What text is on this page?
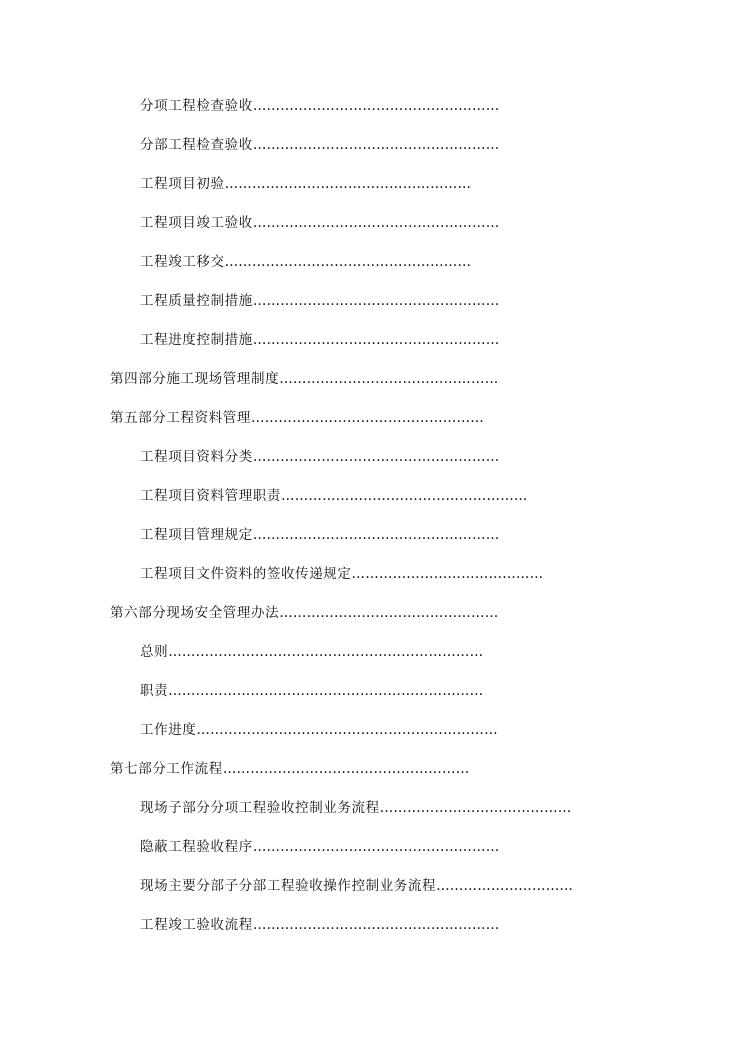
分项工程检查验收………………………………………………
分部工程检查验收………………………………………………
工程项目初验………………………………………………
工程项目竣工验收………………………………………………
工程竣工移交………………………………………………
工程质量控制措施………………………………………………
工程进度控制措施………………………………………………
第四部分施工现场管理制度…………………………………………
第五部分工程资料管理……………………………………………
工程项目资料分类………………………………………………
工程项目资料管理职责………………………………………………
工程项目管理规定………………………………………………
工程项目文件资料的签收传递规定……………………………………
第六部分现场安全管理办法…………………………………………
总则……………………………………………………………
职责……………………………………………………………
工作进度…………………………………………………………
第七部分工作流程………………………………………………
现场子部分分项工程验收控制业务流程……………………………………
隐蔽工程验收程序………………………………………………
现场主要分部子分部工程验收操作控制业务流程…………………………
工程竣工验收流程………………………………………………
